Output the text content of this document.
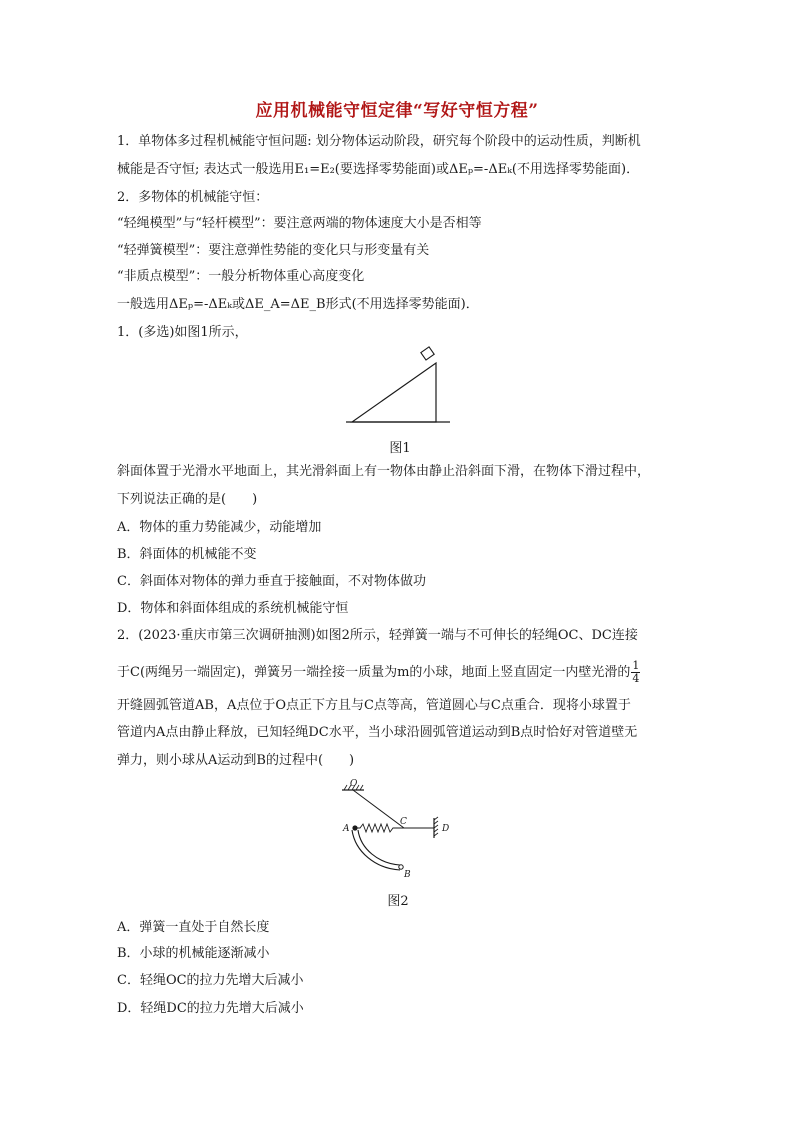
应用机械能守恒定律“写好守恒方程”
1．单物体多过程机械能守恒问题: 划分物体运动阶段，研究每个阶段中的运动性质，判断机
械能是否守恒; 表达式一般选用E₁=E₂(要选择零势能面)或ΔEₚ=-ΔEₖ(不用选择零势能面)．
2．多物体的机械能守恒：
“轻绳模型”与“轻杆模型”：要注意两端的物体速度大小是否相等
“轻弹簧模型”：要注意弹性势能的变化只与形变量有关
“非质点模型”：一般分析物体重心高度变化
一般选用ΔEₚ=-ΔEₖ或ΔE_A=ΔE_B形式(不用选择零势能面)．
1．(多选)如图1所示，
图1
斜面体置于光滑水平地面上，其光滑斜面上有一物体由静止沿斜面下滑，在物体下滑过程中，
下列说法正确的是(　　)
A．物体的重力势能减少，动能增加
B．斜面体的机械能不变
C．斜面体对物体的弹力垂直于接触面，不对物体做功
D．物体和斜面体组成的系统机械能守恒
2．(2023·重庆市第三次调研抽测)如图2所示，轻弹簧一端与不可伸长的轻绳OC、DC连接
于C(两绳另一端固定)，弹簧另一端拴接一质量为m的小球，地面上竖直固定一内壁光滑的 $\frac{1}{4}$
开缝圆弧管道AB，A点位于O点正下方且与C点等高，管道圆心与C点重合．现将小球置于
管道内A点由静止释放，已知轻绳DC水平，当小球沿圆弧管道运动到B点时恰好对管道壁无
弹力，则小球从A运动到B的过程中(　　)
O
D
C
A
B
图2
A．弹簧一直处于自然长度
B．小球的机械能逐渐减小
C．轻绳OC的拉力先增大后减小
D．轻绳DC的拉力先增大后减小
